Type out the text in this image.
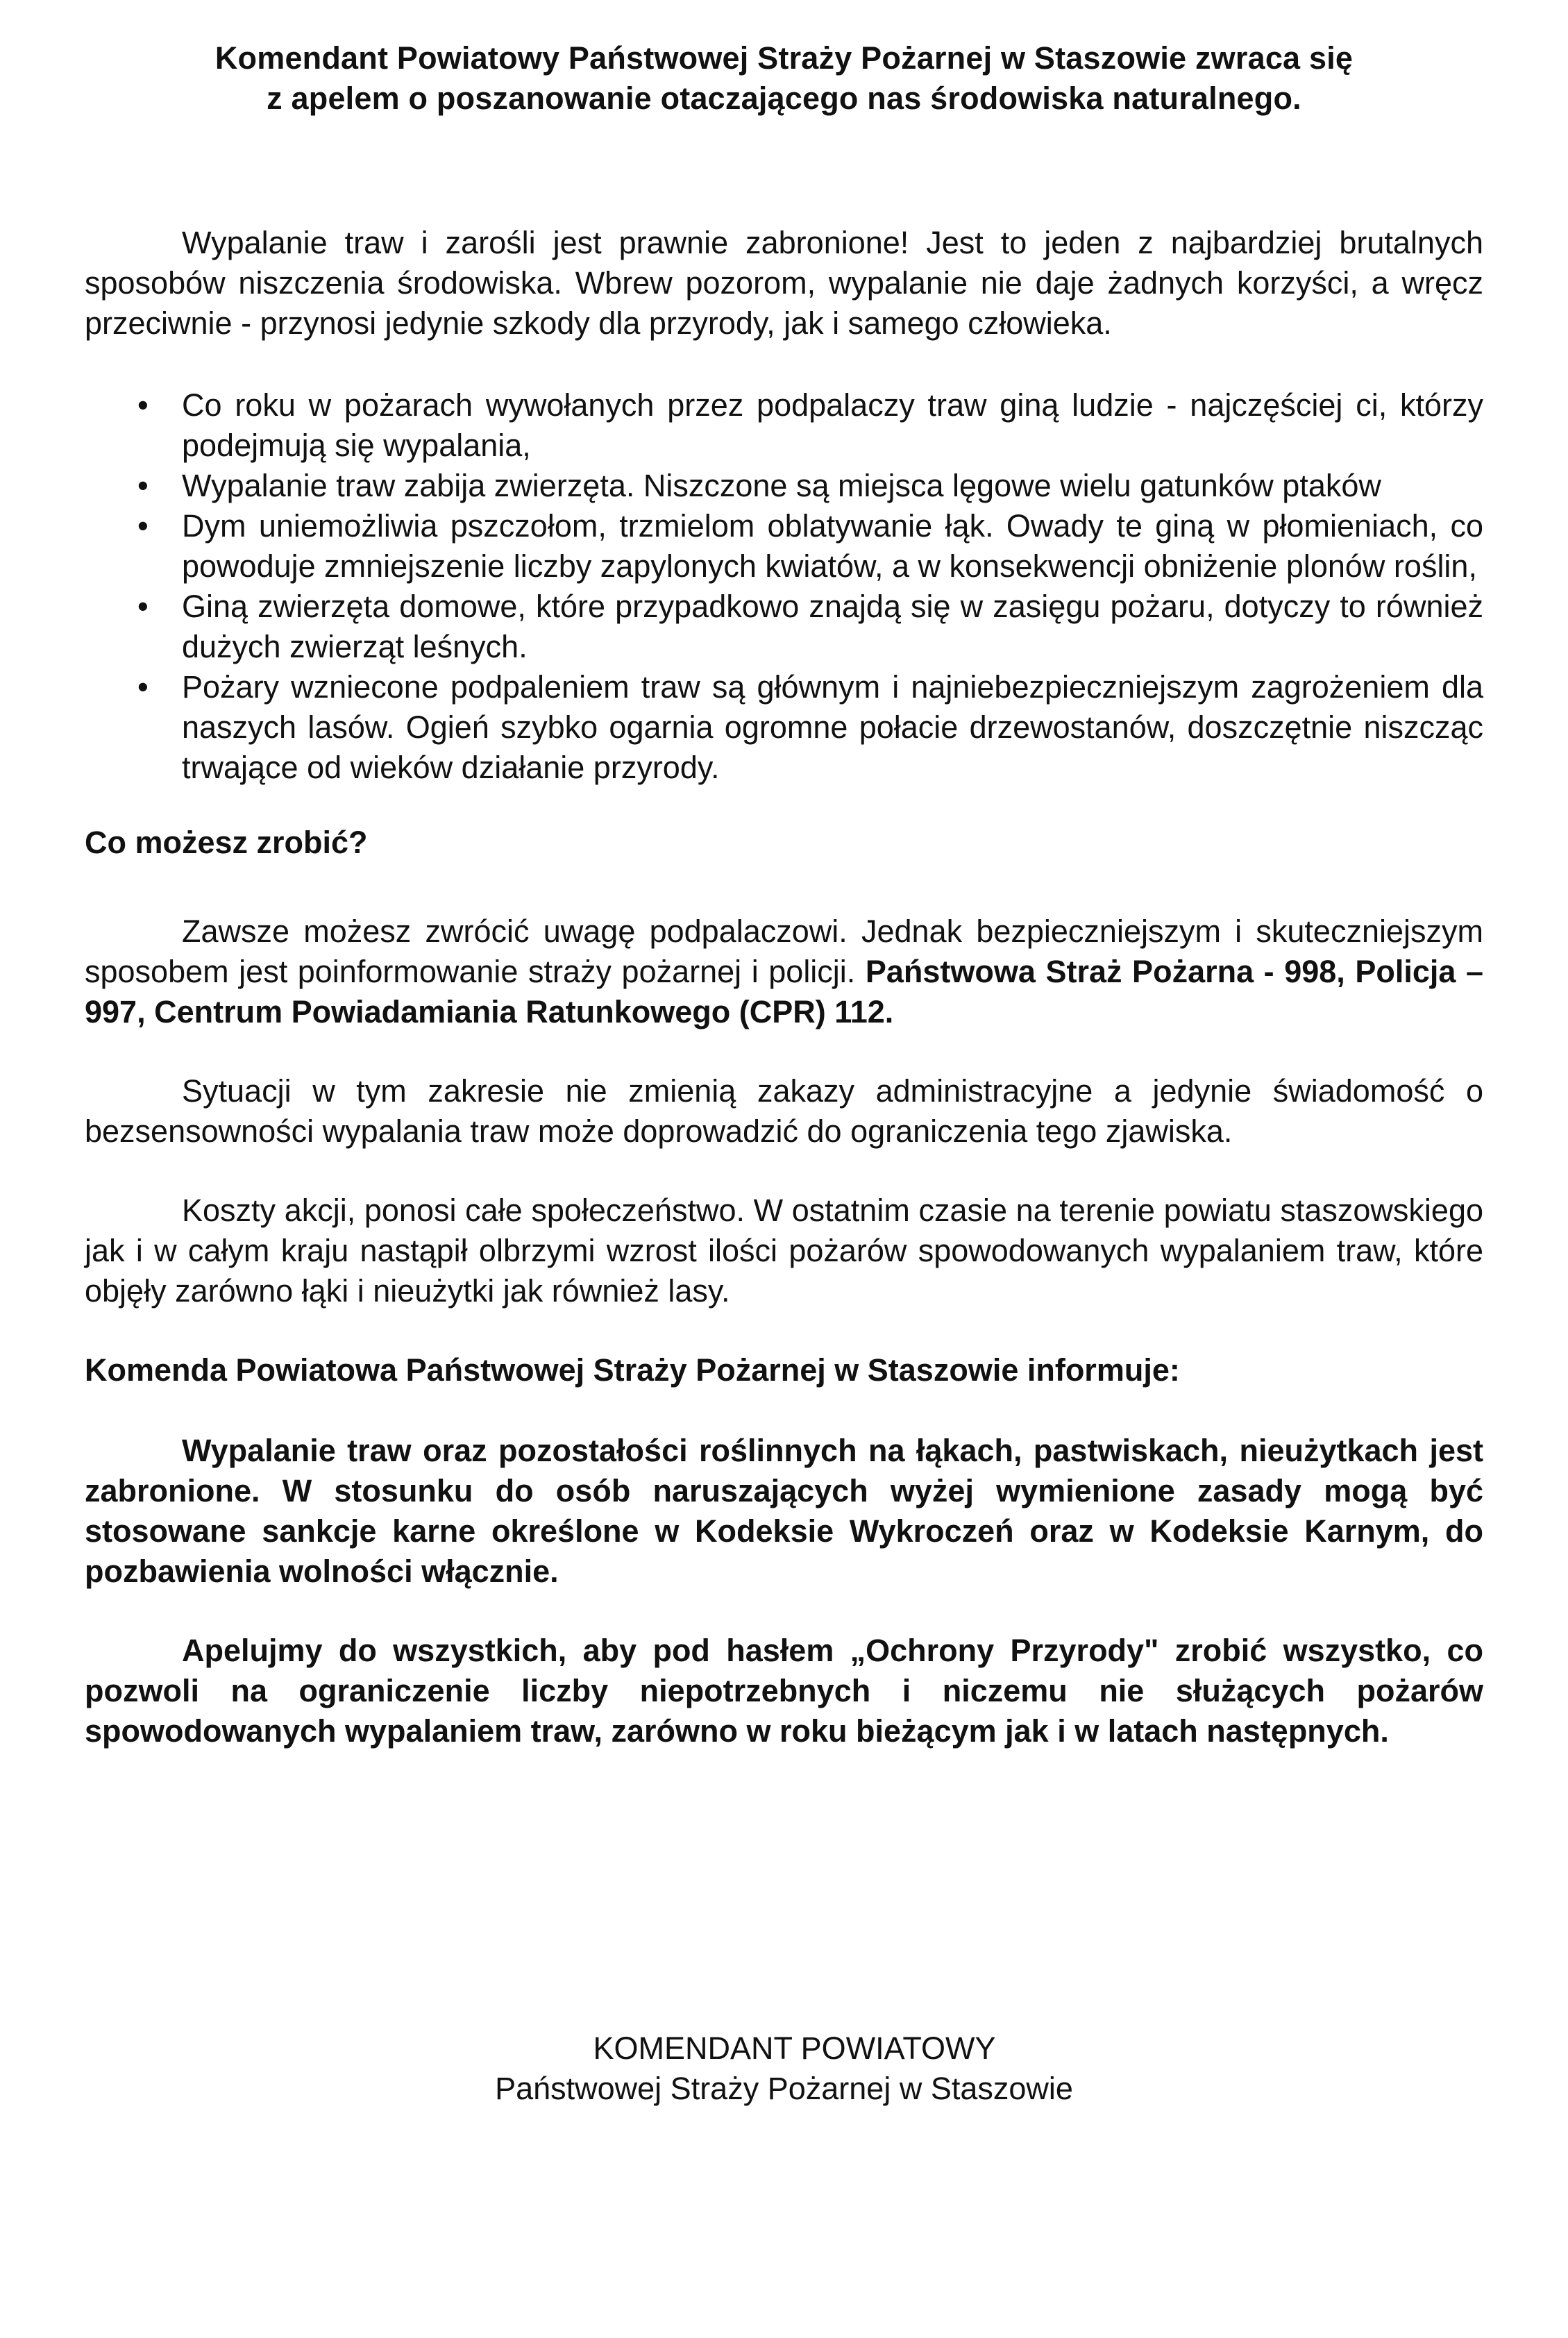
Komendant Powiatowy Państwowej Straży Pożarnej w Staszowie zwraca się
z apelem o poszanowanie otaczającego nas środowiska naturalnego.

Wypalanie traw i zarośli jest prawnie zabronione! Jest to jeden z najbardziej brutalnych sposobów niszczenia środowiska. Wbrew pozorom, wypalanie nie daje żadnych korzyści, a wręcz przeciwnie - przynosi jedynie szkody dla przyrody, jak i samego człowieka.

• Co roku w pożarach wywołanych przez podpalaczy traw giną ludzie - najczęściej ci, którzy podejmują się wypalania,
• Wypalanie traw zabija zwierzęta. Niszczone są miejsca lęgowe wielu gatunków ptaków
• Dym uniemożliwia pszczołom, trzmielom oblatywanie łąk. Owady te giną w płomieniach, co powoduje zmniejszenie liczby zapylonych kwiatów, a w konsekwencji obniżenie plonów roślin,
• Giną zwierzęta domowe, które przypadkowo znajdą się w zasięgu pożaru, dotyczy to również dużych zwierząt leśnych.
• Pożary wzniecone podpaleniem traw są głównym i najniebezpieczniejszym zagrożeniem dla naszych lasów. Ogień szybko ogarnia ogromne połacie drzewostanów, doszczętnie niszcząc trwające od wieków działanie przyrody.
Co możesz zrobić?

Zawsze możesz zwrócić uwagę podpalaczowi. Jednak bezpieczniejszym i skuteczniejszym sposobem jest poinformowanie straży pożarnej i policji. Państwowa Straż Pożarna - 998, Policja – 997, Centrum Powiadamiania Ratunkowego (CPR) 112.

Sytuacji w tym zakresie nie zmienią zakazy administracyjne a jedynie świadomość o bezsensowności wypalania traw może doprowadzić do ograniczenia tego zjawiska.

Koszty akcji, ponosi całe społeczeństwo. W ostatnim czasie na terenie powiatu staszowskiego jak i w całym kraju nastąpił olbrzymi wzrost ilości pożarów spowodowanych wypalaniem traw, które objęły zarówno łąki i nieużytki jak również lasy.

Komenda Powiatowa Państwowej Straży Pożarnej w Staszowie informuje:

Wypalanie traw oraz pozostałości roślinnych na łąkach, pastwiskach, nieużytkach jest zabronione. W stosunku do osób naruszających wyżej wymienione zasady mogą być stosowane sankcje karne określone w Kodeksie Wykroczeń oraz w Kodeksie Karnym, do pozbawienia wolności włącznie.

Apelujmy do wszystkich, aby pod hasłem „Ochrony Przyrody" zrobić wszystko, co pozwoli na ograniczenie liczby niepotrzebnych i niczemu nie służących pożarów spowodowanych wypalaniem traw, zarówno w roku bieżącym jak i w latach następnych.

KOMENDANT POWIATOWY
Państwowej Straży Pożarnej w Staszowie
